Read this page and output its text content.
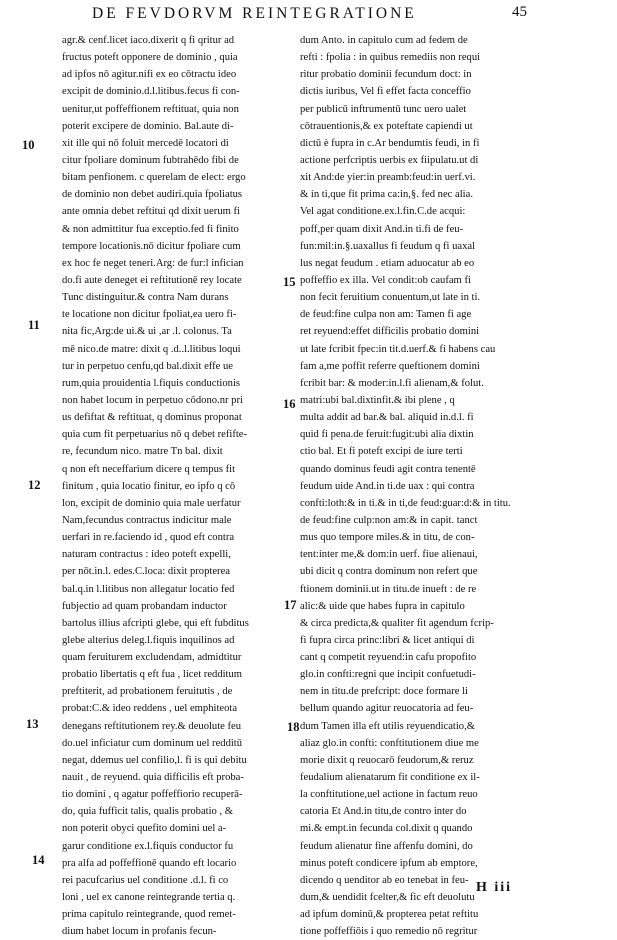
DE FEVDORVM REINTEGRATIONE	45
agr.& cenf.licet iaco.dixerit q fi qritur ad
fructus poteft opponere de dominio , quia
ad ipfos nō agitur.nifi ex eo cōtractu ideo
excipit de dominio.d.l.litibus.fecus fi con-
uenitur,ut poffeffionem reftituat, quia non
poterit excipere de dominio. Bal.aute di-
xit ille qui nō foluit mercedē locatori di
citur fpoliare dominum fubtrahēdo fibi de
bitam penfionem. c querelam de elect: ergo
de dominio non debet audiri.quia fpoliatus
ante omnia debet reftitui qd dixit uerum fi
& non admittitur fua exceptio.fed fi finito
tempore locationis.nō dicitur fpoliare cum
ex hoc fe neget teneri.Arg: de fur:l infician
do.fi aute deneget ei reftitutionē rey locate
Tunc distinguitur.& contra Nam durans
te locatione non dicitur fpoliat,ea uero fi-
nita fic,Arg:de ui.& ui ,ar .l. colonus. Ta
mē nico.de matre: dixit q .d..l.litibus loqui
tur in perpetuo cenfu,qd bal.dixit effe ue
rum,quia prouidentia l.fiquis conductionis
non habet locum in perpetuo cōdono.nr pri
us defiftat & reftituat, q dominus proponat
quia cum fit perpetuarius nō q debet refifte-
re, fecundum nico. matre Tn bal. dixit
q non eft neceffarium dicere q tempus fit
finitum , quia locatio finitur, eo ipfo q cō
lon, excipit de dominio quia male uerfatur
Nam,fecundus contractus indicitur male
uerfari in re.faciendo id , quod eft contra
naturam contractus : ideo poteft expelli,
per nōt.in.l. edes.C.loca: dixit propterea
bal.q.in l.litibus non allegatur locatio fed
fubjectio ad quam probandam inductor
bartolus illius afcripti glebe, qui eft fubditus
glebe alterius deleg.l.fiquis inquilinos ad
quam feruiturem excludendam, admidtitur
probatio libertatis q eft fua , licet redditum
preftiterit, ad probationem feruitutis , de
probat:C.& ideo reddens , uel emphiteota
denegans reftitutionem rey.& deuolute feu
do.uel inficiatur cum dominum uel redditū
negat, ddemus uel confilio,l. fi is qui debitu
nauit , de reyuend. quia difficilis eft proba-
tio domini , q agatur poffeffiorio recuperā-
do, quia fufficit talis, qualis probatio , &
non poterit obyci quefito domini uel a-
garur conditione ex.l.fiquis conductor fu
pra alfa ad poffeffionē quando eft locario
rei pacufcarius uel conditione .d.l. fi co
loni , uel ex canone reintegrande tertia q.
prima capitulo reintegrande, quod remet-
dium habet locum in profanis fecun-
dum Anto. in capitulo cum ad fedem de
refti : fpolia : in quibus remediis non requi
ritur probatio dominii fecundum doct: in
dictis iuribus, Vel fi effet facta conceffio
per publicū inftrumentū tunc uero ualet
cōtrauentionis,& ex poteftate capiendi ut
dictū è fupra in c.Ar bendumtis feudi, in fi
actione perfcriptis uerbis ex fiipulatu.ut di
xit And:de yier:in preamb:feud:in uerf.vi.
& in ti,que fit prima ca:in,§. fed nec alia.
Vel agat conditione.ex.l.fin.C.de acqui:
poff,per quam dixit And.in ti.fi de feu-
fun:mil:in.§.uaxallus fi feudum q fi uaxal
lus negat feudum . etiam aduocatur ab eo
poffeffio ex illa. Vel condit:ob caufam fi
non fecit feruitium conuentum,ut late in ti.
de feud:fine culpa non am: Tamen fi age
ret reyuend:effet difficilis probatio domini
ut late fcribit fpec:in tit.d.uerf.& fi habens cau
fam a,me poffit referre queftionem domini
fcribit bar: & moder:in.l.fi alienam,& folut.
matri:ubi bal.dixtinfit.& ibi plene , q
multa addit ad bar.& bal. aliquid in.d.l. fi
quid fi pena.de feruit:fugit:ubi alia dixtin
ctio bal. Et fi poteft excipi de iure terti
quando dominus feudi agit contra tenentē
feudum uide And.in ti.de uax : qui contra
confti:loth:& in ti.& in ti,de feud:guar:d:& in titu.
de feud:fine culp:non am:& in capit. tanct
mus quo tempore miles.& in titu, de con-
tent:inter me,& dom:in uerf. fiue alienaui,
ubi dicit q contra dominum non refert que
ftionem dominii.ut in titu.de inueft : de re
alic:& uide que habes fupra in capitulo
& circa predicta,& qualiter fit agendum fcrip-
fi fupra circa princ:libri & licet antiqui di
cant q competit reyuend:in cafu propofito
glo.in confti:regni que incipit confuetudi-
nem in titu.de prefcript: doce formare li
bellum quando agitur reuocatoria ad feu-
dum Tamen illa eft utilis reyuendicatio,&
aliaz glo.in confti: conftitutionem diue me
morie dixit q reuocarō feudorum,& reruz
feudalium alienatarum fit conditione ex il-
la conftitutione,uel actione in factum reuo
catoria Et And.in titu,de contro inter do
mi.& empt.in fecunda col.dixit q quando
feudum alienatur fine affenfu domini, do
minus poteft condicere ipfum ab emptore,
dicendo q uenditor ab eo tenebat in feu-
dum,& uendidit fcelter,& fic eft deuolutu
ad ipfum dominū,& propterea petat reftitu
tione poffeffiōis i quo remedio nō regritur
10
11
12
13
14
15
16
17
18
H iii
